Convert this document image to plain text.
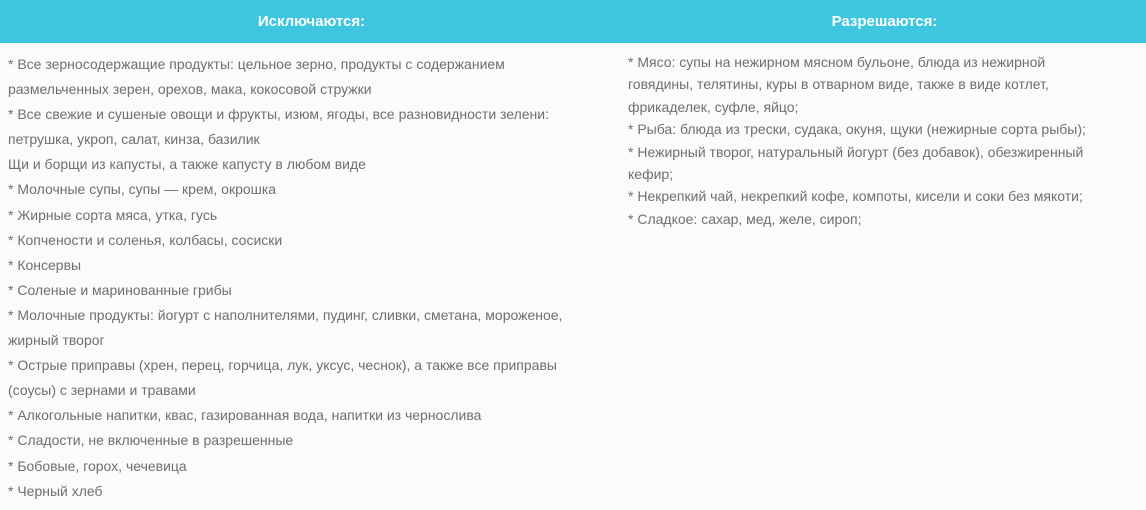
Исключаются:	Разрешаются:
* Все зерносодержащие продукты: цельное зерно, продукты с содержанием
размельченных зерен, орехов, мака, кокосовой стружки
* Все свежие и сушеные овощи и фрукты, изюм, ягоды, все разновидности зелени:
петрушка, укроп, салат, кинза, базилик
Щи и борщи из капусты, а также капусту в любом виде
* Молочные супы, супы — крем, окрошка
* Жирные сорта мяса, утка, гусь
* Копчености и соленья, колбасы, сосиски
* Консервы
* Соленые и маринованные грибы
* Молочные продукты: йогурт с наполнителями, пудинг, сливки, сметана, мороженое,
жирный творог
* Острые приправы (хрен, перец, горчица, лук, уксус, чеснок), а также все приправы
(соусы) с зернами и травами
* Алкогольные напитки, квас, газированная вода, напитки из чернослива
* Сладости, не включенные в разрешенные
* Бобовые, горох, чечевица
* Черный хлеб
* Мясо: супы на нежирном мясном бульоне, блюда из нежирной
говядины, телятины, куры в отварном виде, также в виде котлет,
фрикаделек, суфле, яйцо;
* Рыба: блюда из трески, судака, окуня, щуки (нежирные сорта рыбы);
* Нежирный творог, натуральный йогурт (без добавок), обезжиренный
кефир;
* Некрепкий чай, некрепкий кофе, компоты, кисели и соки без мякоти;
* Сладкое: сахар, мед, желе, сироп;
